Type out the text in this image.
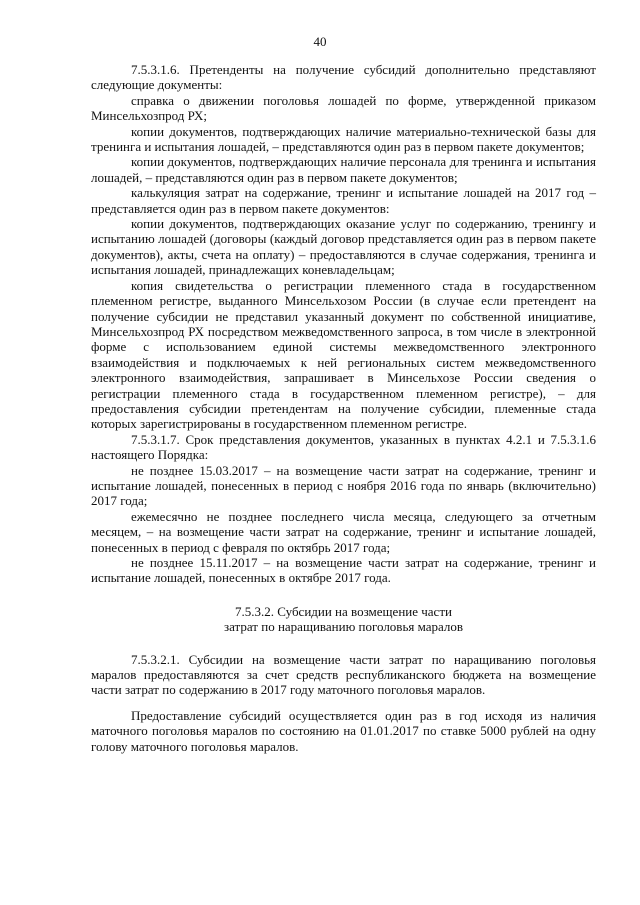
40

7.5.3.1.6. Претенденты на получение субсидий дополнительно представляют следующие документы:

справка о движении поголовья лошадей по форме, утвержденной приказом Минсельхозпрод РХ;

копии документов, подтверждающих наличие материально-технической базы для тренинга и испытания лошадей, – представляются один раз в первом пакете документов;

копии документов, подтверждающих наличие персонала для тренинга и испытания лошадей, – представляются один раз в первом пакете документов;

калькуляция затрат на содержание, тренинг и испытание лошадей на 2017 год – представляется один раз в первом пакете документов:

копии документов, подтверждающих оказание услуг по содержанию, тренингу и испытанию лошадей (договоры (каждый договор представляется один раз в первом пакете документов), акты, счета на оплату) – предоставляются в случае содержания, тренинга и испытания лошадей, принадлежащих коневладельцам;

копия свидетельства о регистрации племенного стада в государственном племенном регистре, выданного Минсельхозом России (в случае если претендент на получение субсидии не представил указанный документ по собственной инициативе, Минсельхозпрод РХ посредством межведомственного запроса, в том числе в электронной форме с использованием единой системы межведомственного электронного взаимодействия и подключаемых к ней региональных систем межведомственного электронного взаимодействия, запрашивает в Минсельхозе России сведения о регистрации племенного стада в государственном племенном регистре), – для предоставления субсидии претендентам на получение субсидии, племенные стада которых зарегистрированы в государственном племенном регистре.

7.5.3.1.7. Срок представления документов, указанных в пунктах 4.2.1 и 7.5.3.1.6 настоящего Порядка:

не позднее 15.03.2017 – на возмещение части затрат на содержание, тренинг и испытание лошадей, понесенных в период с ноября 2016 года по январь (включительно) 2017 года;

ежемесячно не позднее последнего числа месяца, следующего за отчетным месяцем, – на возмещение части затрат на содержание, тренинг и испытание лошадей, понесенных в период с февраля по октябрь 2017 года;

не позднее 15.11.2017 – на возмещение части затрат на содержание, тренинг и испытание лошадей, понесенных в октябре 2017 года.

7.5.3.2. Субсидии на возмещение части

затрат по наращиванию поголовья маралов

7.5.3.2.1. Субсидии на возмещение части затрат по наращиванию поголовья маралов предоставляются за счет средств республиканского бюджета на возмещение части затрат по содержанию в 2017 году маточного поголовья маралов.

Предоставление субсидий осуществляется один раз в год исходя из наличия маточного поголовья маралов по состоянию на 01.01.2017 по ставке 5000 рублей на одну голову маточного поголовья маралов.
